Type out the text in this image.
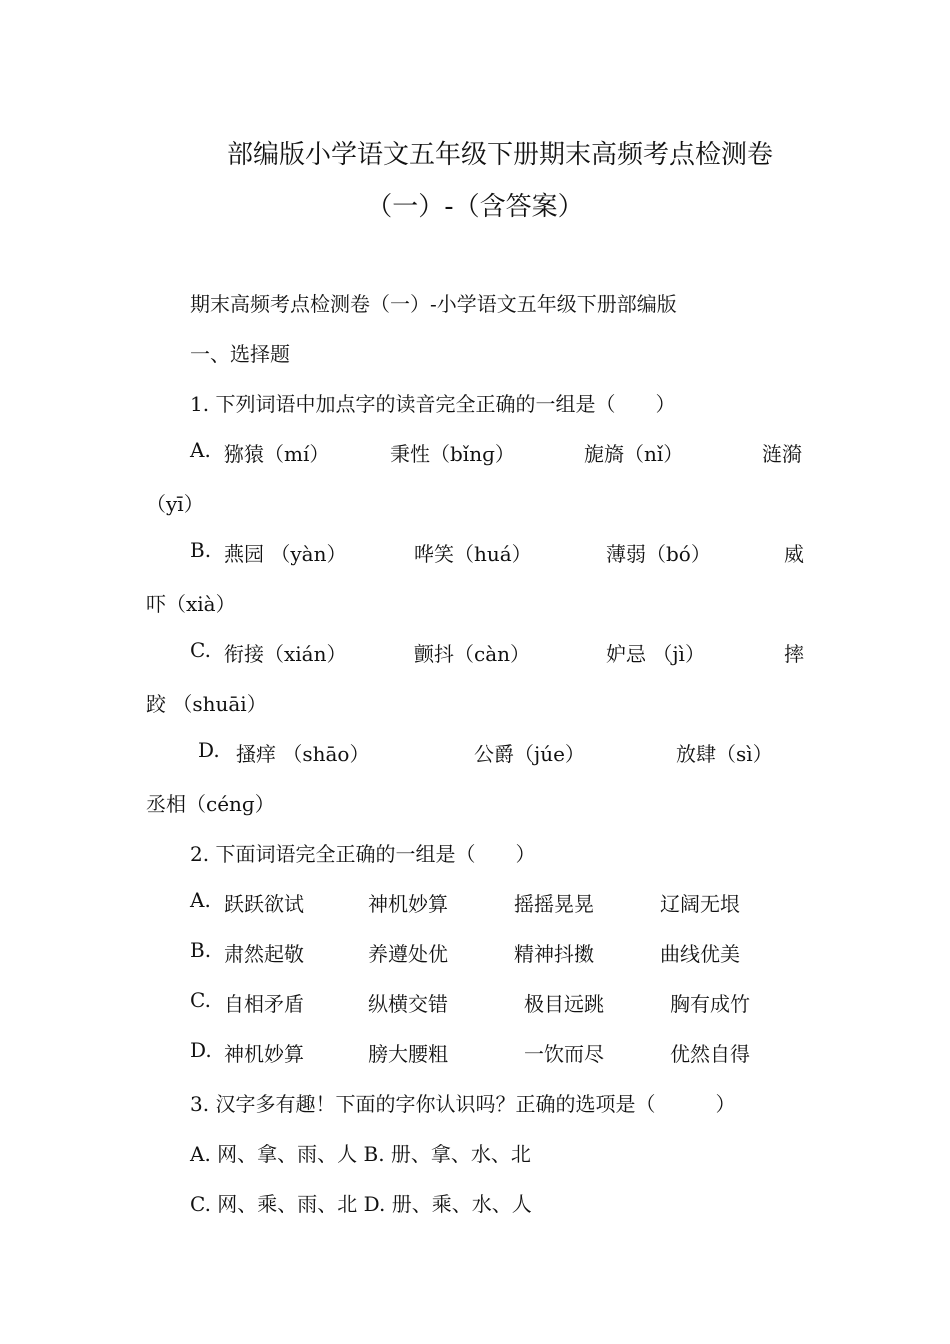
部编版小学语文五年级下册期末高频考点检测卷
（一）-（含答案）
期末高频考点检测卷（一）-小学语文五年级下册部编版
一、选择题
1. 下列词语中加点字的读音完全正确的一组是（　　）
A. 猕猿（mí）	秉性（bǐnɡ）	旎旖（nǐ）	涟漪
（yī）
B. 燕园 （yàn）	哗笑（huá）	薄弱（bó）	威
吓（xià）
C. 衔接（xián）	颤抖（càn）	妒忌 （jì）	摔
跤 （shuāi）
D. 搔痒 （shāo）	公爵（júe）	放肆（sì）
丞相（cénɡ）
2. 下面词语完全正确的一组是（　　）
A. 跃跃欲试	神机妙算	摇摇晃晃	辽阔无垠
B. 肃然起敬	养遵处优	精神抖擞	曲线优美
C. 自相矛盾	纵横交错	极目远跳	胸有成竹
D. 神机妙算	膀大腰粗	一饮而尽	优然自得
3. 汉字多有趣！下面的字你认识吗？正确的选项是（　　　）
A. 网、拿、雨、人 B. 册、拿、水、北
C. 网、乘、雨、北 D. 册、乘、水、人
